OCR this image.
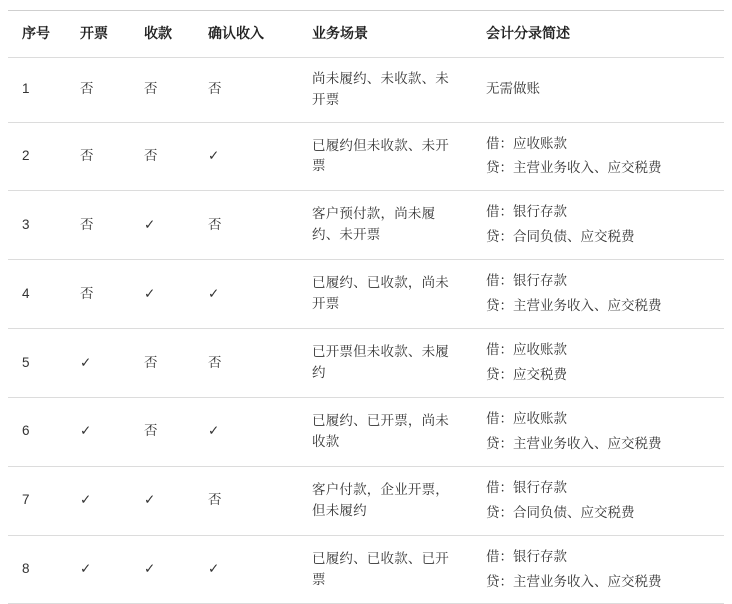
序号	开票	收款	确认收入	业务场景	会计分录简述
1	否	否	否	尚未履约、未收款、未开票	无需做账

2	否	否	✓	已履约但未收款、未开票	借：应收账款
贷：主营业务收入、应交税费

3	否	✓	否	客户预付款，尚未履约、未开票	借：银行存款
贷：合同负债、应交税费

4	否	✓	✓	已履约、已收款，尚未开票	借：银行存款
贷：主营业务收入、应交税费

5	✓	否	否	已开票但未收款、未履约	借：应收账款
贷：应交税费

6	✓	否	✓	已履约、已开票，尚未收款	借：应收账款
贷：主营业务收入、应交税费

7	✓	✓	否	客户付款，企业开票，但未履约	借：银行存款
贷：合同负债、应交税费

8	✓	✓	✓	已履约、已收款、已开票	借：银行存款
贷：主营业务收入、应交税费
